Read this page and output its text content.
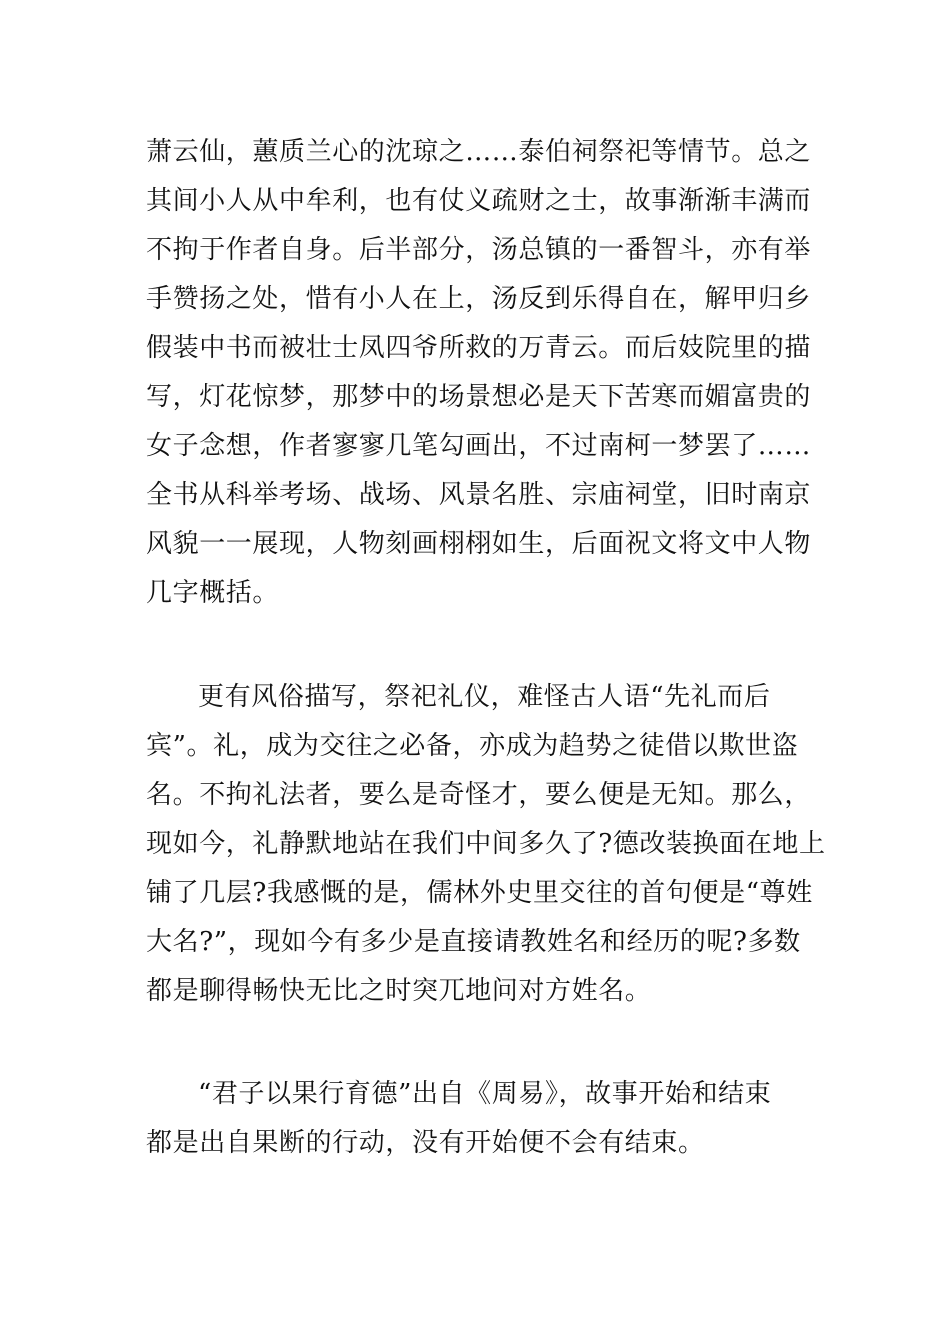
萧云仙，蕙质兰心的沈琼之……泰伯祠祭祀等情节。总之
其间小人从中牟利，也有仗义疏财之士，故事渐渐丰满而
不拘于作者自身。后半部分，汤总镇的一番智斗，亦有举
手赞扬之处，惜有小人在上，汤反到乐得自在，解甲归乡
假装中书而被壮士凤四爷所救的万青云。而后妓院里的描
写，灯花惊梦，那梦中的场景想必是天下苦寒而媚富贵的
女子念想，作者寥寥几笔勾画出，不过南柯一梦罢了……
全书从科举考场、战场、风景名胜、宗庙祠堂，旧时南京
风貌一一展现，人物刻画栩栩如生，后面祝文将文中人物
几字概括。
更有风俗描写，祭祀礼仪，难怪古人语“先礼而后
宾”。礼，成为交往之必备，亦成为趋势之徒借以欺世盗
名。不拘礼法者，要么是奇怪才，要么便是无知。那么，
现如今，礼静默地站在我们中间多久了?德改装换面在地上
铺了几层?我感慨的是，儒林外史里交往的首句便是“尊姓
大名?”，现如今有多少是直接请教姓名和经历的呢?多数
都是聊得畅快无比之时突兀地问对方姓名。
“君子以果行育德”出自《周易》，故事开始和结束
都是出自果断的行动，没有开始便不会有结束。
